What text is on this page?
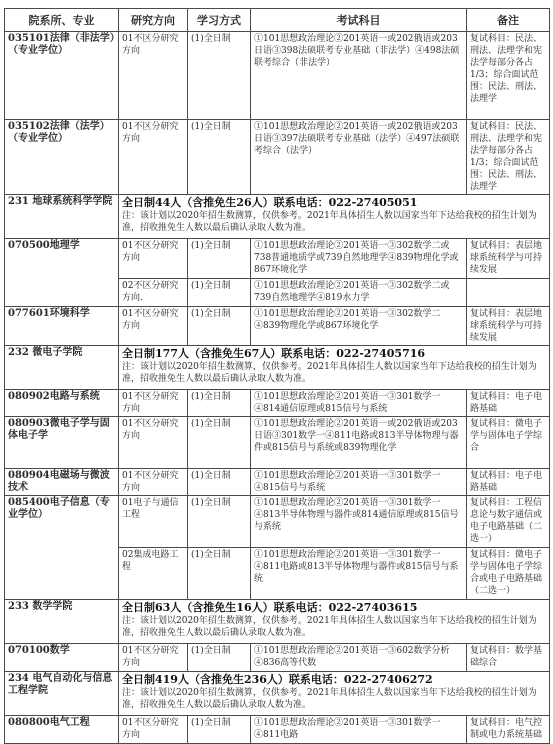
院系所、专业	研究方向	学习方式	考试科目	备注
035101法律（非法学）（专业学位）	01不区分研究方向	(1)全日制	①101思想政治理论②201英语一或202俄语或203日语③398法硕联考专业基础（非法学）④498法硕联考综合（非法学）	复试科目：民法、刑法、法理学和宪法学每部分各占1/3；综合面试范围：民法、刑法、法理学
035102法律（法学）（专业学位）	01不区分研究方向	(1)全日制	①101思想政治理论②201英语一或202俄语或203日语③397法硕联考专业基础（法学）④497法硕联考综合（法学）	复试科目：民法、刑法、法理学和宪法学每部分各占1/3；综合面试范围：民法、刑法、法理学
231 地球系统科学学院	全日制44人（含推免生26人）联系电话：022-27405051
注：该计划以2020年招生数测算，仅供参考。2021年具体招生人数以国家当年下达给我校的招生计划为准，招收推免生人数以最后确认录取人数为准。			

070500地理学	01不区分研究方向	(1)全日制	①101思想政治理论②201英语一③302数学二或738普通地质学或739自然地理学④839物理化学或867环境化学	复试科目：表层地球系统科学与可持续发展
	02不区分研究方向.	(1)全日制	①101思想政治理论②201英语一③302数学二或739自然地理学④819水力学	
077601环境科学	01不区分研究方向	(1)全日制	①101思想政治理论②201英语一③302数学二④839物理化学或867环境化学	复试科目：表层地球系统科学与可持续发展
232 微电子学院	全日制177人（含推免生67人）联系电话：022-27405716
注：该计划以2020年招生数测算，仅供参考。2021年具体招生人数以国家当年下达给我校的招生计划为准，招收推免生人数以最后确认录取人数为准。			

080902电路与系统	01不区分研究方向	(1)全日制	①101思想政治理论②201英语一③301数学一④814通信原理或815信号与系统	复试科目：电子电路基础
080903微电子学与固体电子学	01不区分研究方向	(1)全日制	①101思想政治理论②201英语一或202俄语或203日语③301数学一④811电路或813半导体物理与器件或815信号与系统或839物理化学	复试科目：微电子学与固体电子学综合
080904电磁场与微波技术	01不区分研究方向	(1)全日制	①101思想政治理论②201英语一③301数学一④815信号与系统	复试科目：电子电路基础
085400电子信息（专业学位）	01电子与通信工程	(1)全日制	①101思想政治理论②201英语一③301数学一④813半导体物理与器件或814通信原理或815信号与系统	复试科目：工程信息论与数字通信或电子电路基础（二选一）
	02集成电路工程	(1)全日制	①101思想政治理论②201英语一③301数学一④811电路或813半导体物理与器件或815信号与系统	复试科目：微电子学与固体电子学综合或电子电路基础（二选一）
233 数学学院	全日制63人（含推免生16人）联系电话：022-27403615
注：该计划以2020年招生数测算，仅供参考。2021年具体招生人数以国家当年下达给我校的招生计划为准，招收推免生人数以最后确认录取人数为准。			

070100数学	01不区分研究方向	(1)全日制	①101思想政治理论②201英语一③602数学分析④836高等代数	复试科目：数学基础综合
234 电气自动化与信息工程学院	全日制419人（含推免生236人）联系电话：022-27406272
注：该计划以2020年招生数测算，仅供参考。2021年具体招生人数以国家当年下达给我校的招生计划为准，招收推免生人数以最后确认录取人数为准。			

080800电气工程	01不区分研究方向	(1)全日制	①101思想政治理论②201英语一③301数学一④811电路	复试科目：电气控制或电力系统基础
